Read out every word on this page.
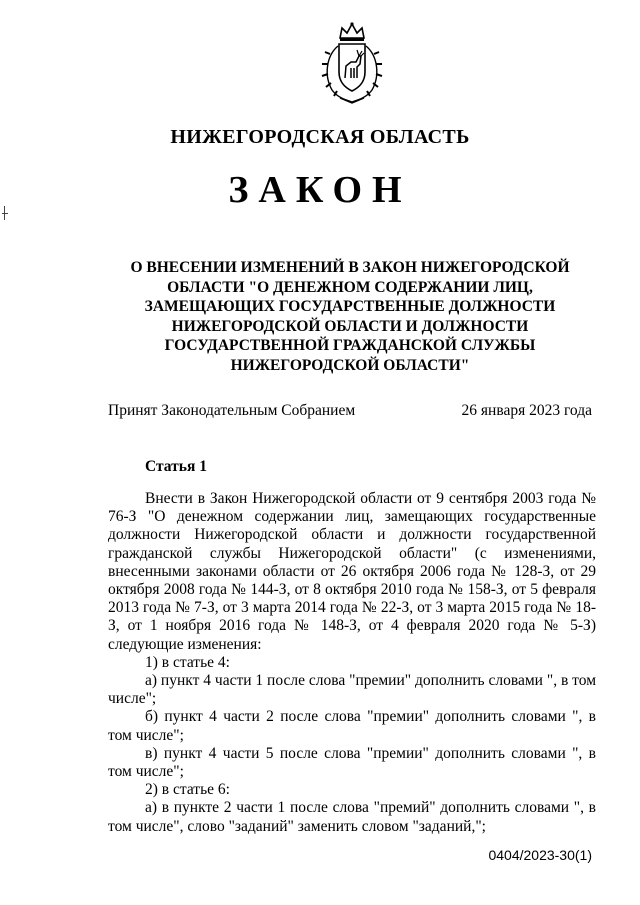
НИЖЕГОРОДСКАЯ ОБЛАСТЬ
ЗАКОН
О ВНЕСЕНИИ ИЗМЕНЕНИЙ В ЗАКОН НИЖЕГОРОДСКОЙ
ОБЛАСТИ "О ДЕНЕЖНОМ СОДЕРЖАНИИ ЛИЦ,
ЗАМЕЩАЮЩИХ ГОСУДАРСТВЕННЫЕ ДОЛЖНОСТИ
НИЖЕГОРОДСКОЙ ОБЛАСТИ И ДОЛЖНОСТИ
ГОСУДАРСТВЕННОЙ ГРАЖДАНСКОЙ СЛУЖБЫ
НИЖЕГОРОДСКОЙ ОБЛАСТИ"
Принят Законодательным Собранием	26 января 2023 года
Статья 1

Внести в Закон Нижегородской области от 9 сентября 2003 года № 76-З "О денежном содержании лиц, замещающих государственные должности Нижегородской области и должности государственной гражданской службы Нижегородской области" (с изменениями, внесенными законами области от 26 октября 2006 года № 128-З, от 29 октября 2008 года № 144-З, от 8 октября 2010 года № 158-З, от 5 февраля 2013 года № 7-З, от 3 марта 2014 года № 22-З, от 3 марта 2015 года № 18-З, от 1 ноября 2016 года № 148-З, от 4 февраля 2020 года № 5-З) следующие изменения:

1) в статье 4:

а) пункт 4 части 1 после слова "премии" дополнить словами ", в том числе";

б) пункт 4 части 2 после слова "премии" дополнить словами ", в том числе";

в) пункт 4 части 5 после слова "премии" дополнить словами ", в том числе";

2) в статье 6:

а) в пункте 2 части 1 после слова "премий" дополнить словами ", в том числе", слово "заданий" заменить словом "заданий,";

0404/2023-30(1)
